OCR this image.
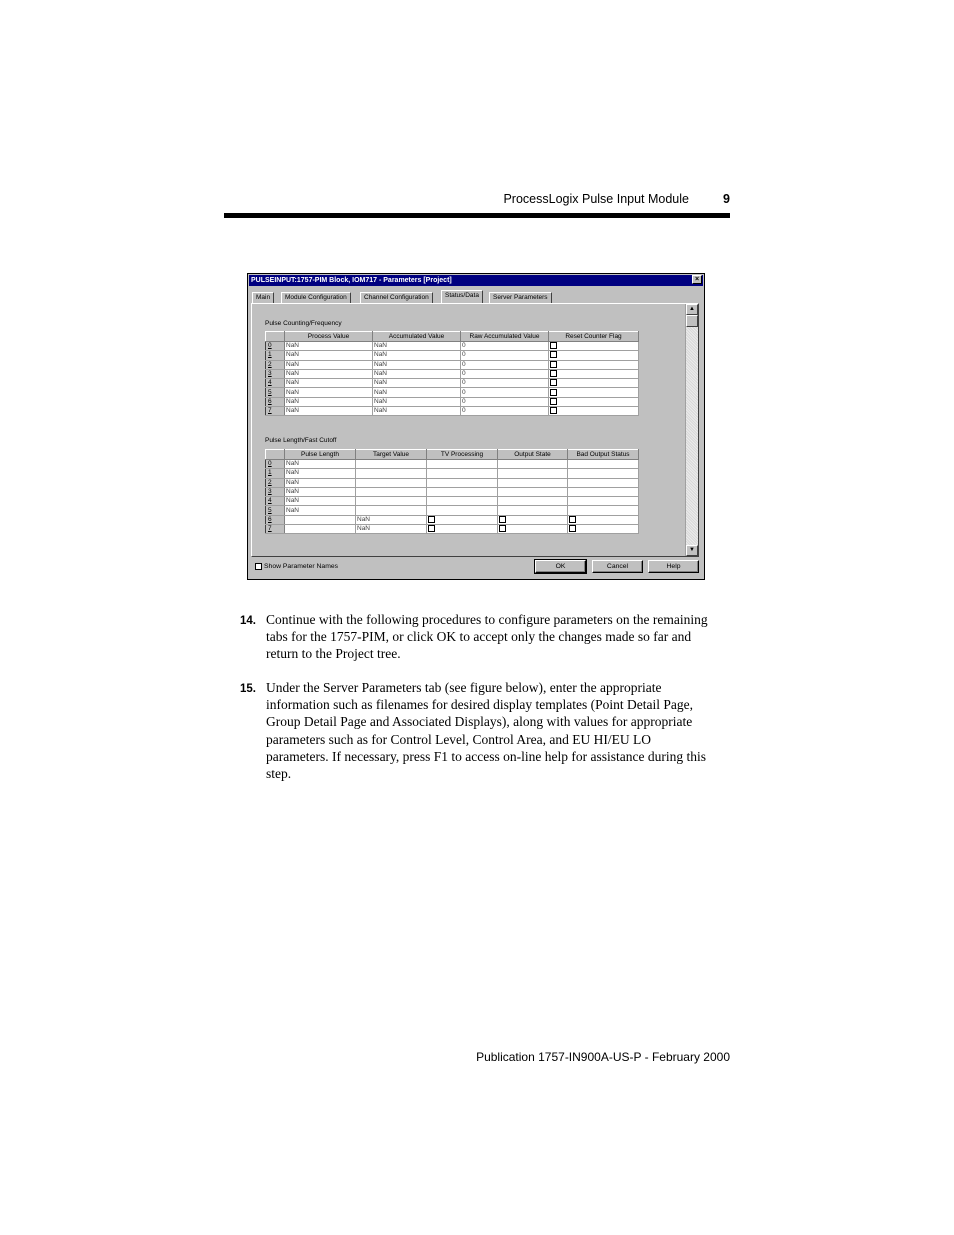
ProcessLogix Pulse Input Module	9
PULSEINPUT:1757-PIM Block, IOM717 - Parameters [Project]	×
Main	Module Configuration	Channel Configuration	Status/Data	Server Parameters
▲
▼
Pulse Counting/Frequency
	Process Value	Accumulated Value	Raw Accumulated Value	Reset Counter Flag
0	NaN	NaN	0	
1	NaN	NaN	0	
2	NaN	NaN	0	
3	NaN	NaN	0	
4	NaN	NaN	0	
5	NaN	NaN	0	
6	NaN	NaN	0	
7	NaN	NaN	0	
Pulse Length/Fast Cutoff
	Pulse Length	Target Value	TV Processing	Output State	Bad Output Status
0	NaN				
1	NaN				
2	NaN				
3	NaN				
4	NaN				
5	NaN				
6		NaN			
7		NaN			
Show Parameter Names	OK	Cancel	Help
14. Continue with the following procedures to configure parameters on the remaining tabs for the 1757-PIM, or click OK to accept only the changes made so far and return to the Project tree.
15. Under the Server Parameters tab (see figure below), enter the appropriate information such as filenames for desired display templates (Point Detail Page, Group Detail Page and Associated Displays), along with values for appropriate parameters such as for Control Level, Control Area, and EU HI/EU LO parameters. If necessary, press F1 to access on-line help for assistance during this step.
Publication 1757-IN900A-US-P - February 2000
